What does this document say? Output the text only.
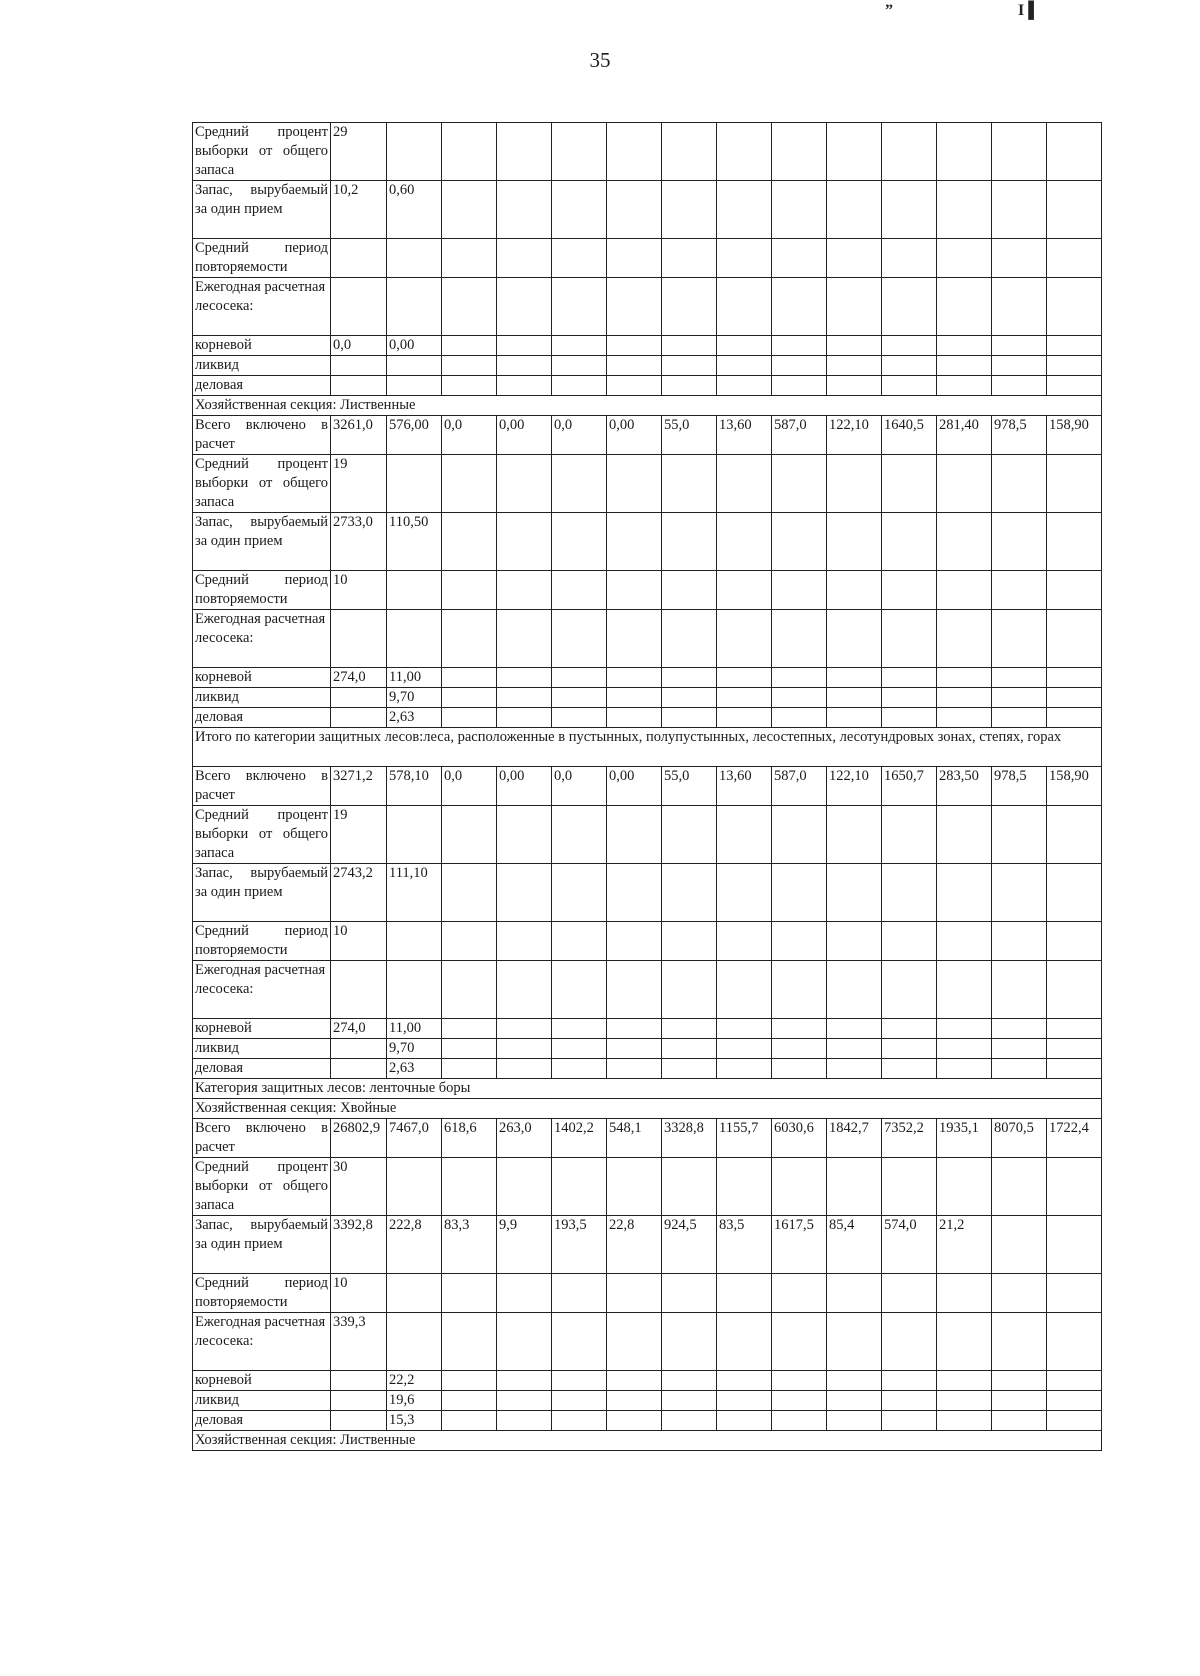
”	I ▌
35
Средний процент выборки от общего запаса	29													
Запас, вырубаемый за один прием	10,2	0,60												
Средний период повторяемости														
Ежегодная расчетная лесосека:														
корневой	0,0	0,00												
ликвид														
деловая														
Хозяйственная секция: Лиственные														
Всего включено в расчет	3261,0	576,00	0,0	0,00	0,0	0,00	55,0	13,60	587,0	122,10	1640,5	281,40	978,5	158,90
Средний процент выборки от общего запаса	19													
Запас, вырубаемый за один прием	2733,0	110,50												
Средний период повторяемости	10													
Ежегодная расчетная лесосека:														
корневой	274,0	11,00												
ликвид		9,70												
деловая		2,63												
Итого по категории защитных лесов:леса, расположенные в пустынных, полупустынных, лесостепных, лесотундровых зонах, степях, горах														
Всего включено в расчет	3271,2	578,10	0,0	0,00	0,0	0,00	55,0	13,60	587,0	122,10	1650,7	283,50	978,5	158,90
Средний процент выборки от общего запаса	19													
Запас, вырубаемый за один прием	2743,2	111,10												
Средний период повторяемости	10													
Ежегодная расчетная лесосека:														
корневой	274,0	11,00												
ликвид		9,70												
деловая		2,63												
Категория защитных лесов: ленточные боры														
Хозяйственная секция: Хвойные														
Всего включено в расчет	26802,9	7467,0	618,6	263,0	1402,2	548,1	3328,8	1155,7	6030,6	1842,7	7352,2	1935,1	8070,5	1722,4
Средний процент выборки от общего запаса	30													
Запас, вырубаемый за один прием	3392,8	222,8	83,3	9,9	193,5	22,8	924,5	83,5	1617,5	85,4	574,0	21,2		
Средний период повторяемости	10													
Ежегодная расчетная лесосека:	339,3													
корневой		22,2												
ликвид		19,6												
деловая		15,3												
Хозяйственная секция: Лиственные														
